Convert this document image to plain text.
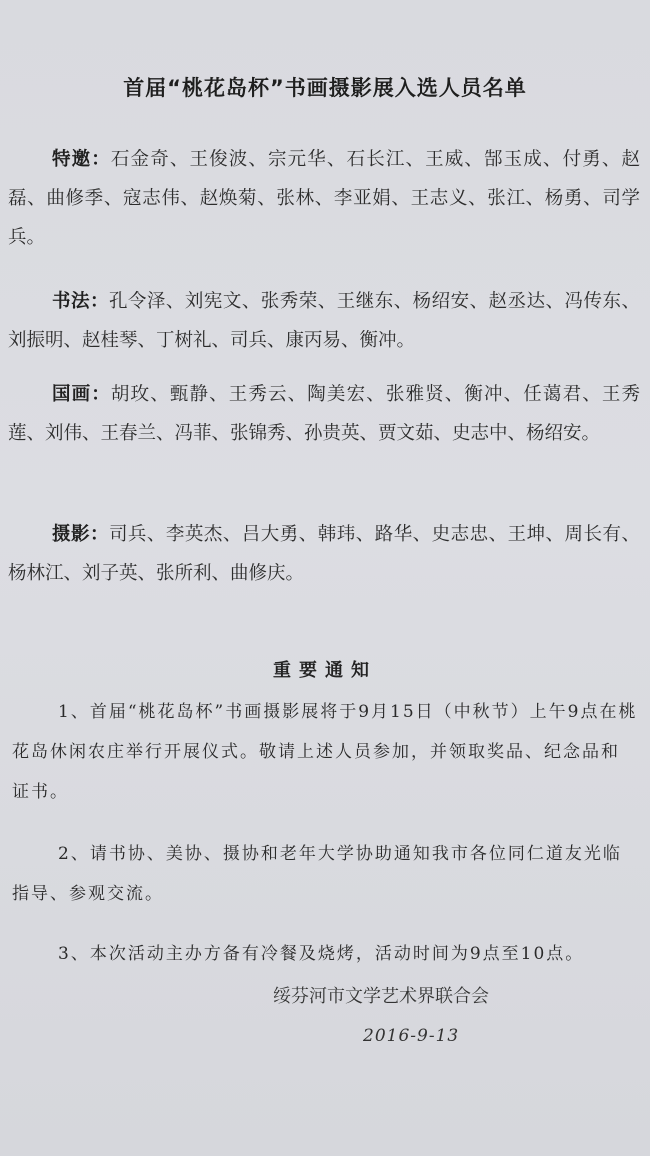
首届“桃花岛杯”书画摄影展入选人员名单
特邀：石金奇、王俊波、宗元华、石长江、王威、郜玉成、付勇、赵磊、曲修季、寇志伟、赵焕菊、张林、李亚娟、王志义、张江、杨勇、司学兵。
书法：孔令泽、刘宪文、张秀荣、王继东、杨绍安、赵丞达、冯传东、刘振明、赵桂琴、丁树礼、司兵、康丙易、衡冲。
国画：胡玫、甄静、王秀云、陶美宏、张雅贤、衡冲、任蔼君、王秀莲、刘伟、王春兰、冯菲、张锦秀、孙贵英、贾文茹、史志中、杨绍安。
摄影：司兵、李英杰、吕大勇、韩玮、路华、史志忠、王坤、周长有、杨林江、刘子英、张所利、曲修庆。
重要通知
1、首届“桃花岛杯”书画摄影展将于9月15日（中秋节）上午9点在桃花岛休闲农庄举行开展仪式。敬请上述人员参加，并领取奖品、纪念品和证书。
2、请书协、美协、摄协和老年大学协助通知我市各位同仁道友光临指导、参观交流。
3、本次活动主办方备有冷餐及烧烤，活动时间为9点至10点。
绥芬河市文学艺术界联合会
2016-9-13
